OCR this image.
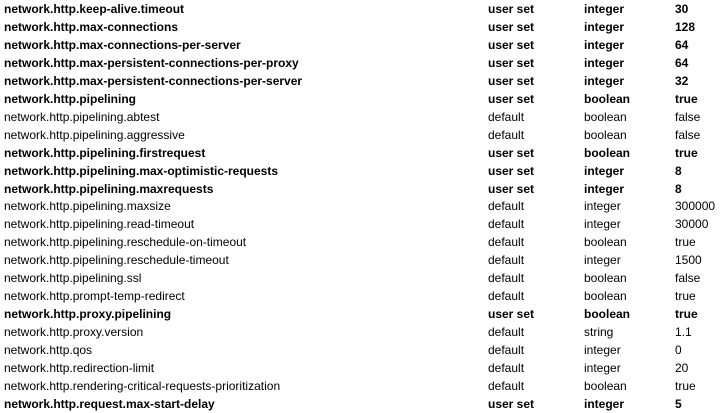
network.http.keep-alive.timeout	user set	integer	30
network.http.max-connections	user set	integer	128
network.http.max-connections-per-server	user set	integer	64
network.http.max-persistent-connections-per-proxy	user set	integer	64
network.http.max-persistent-connections-per-server	user set	integer	32
network.http.pipelining	user set	boolean	true
network.http.pipelining.abtest	default	boolean	false
network.http.pipelining.aggressive	default	boolean	false
network.http.pipelining.firstrequest	user set	boolean	true
network.http.pipelining.max-optimistic-requests	user set	integer	8
network.http.pipelining.maxrequests	user set	integer	8
network.http.pipelining.maxsize	default	integer	300000
network.http.pipelining.read-timeout	default	integer	30000
network.http.pipelining.reschedule-on-timeout	default	boolean	true
network.http.pipelining.reschedule-timeout	default	integer	1500
network.http.pipelining.ssl	default	boolean	false
network.http.prompt-temp-redirect	default	boolean	true
network.http.proxy.pipelining	user set	boolean	true
network.http.proxy.version	default	string	1.1
network.http.qos	default	integer	0
network.http.redirection-limit	default	integer	20
network.http.rendering-critical-requests-prioritization	default	boolean	true
network.http.request.max-start-delay	user set	integer	5
